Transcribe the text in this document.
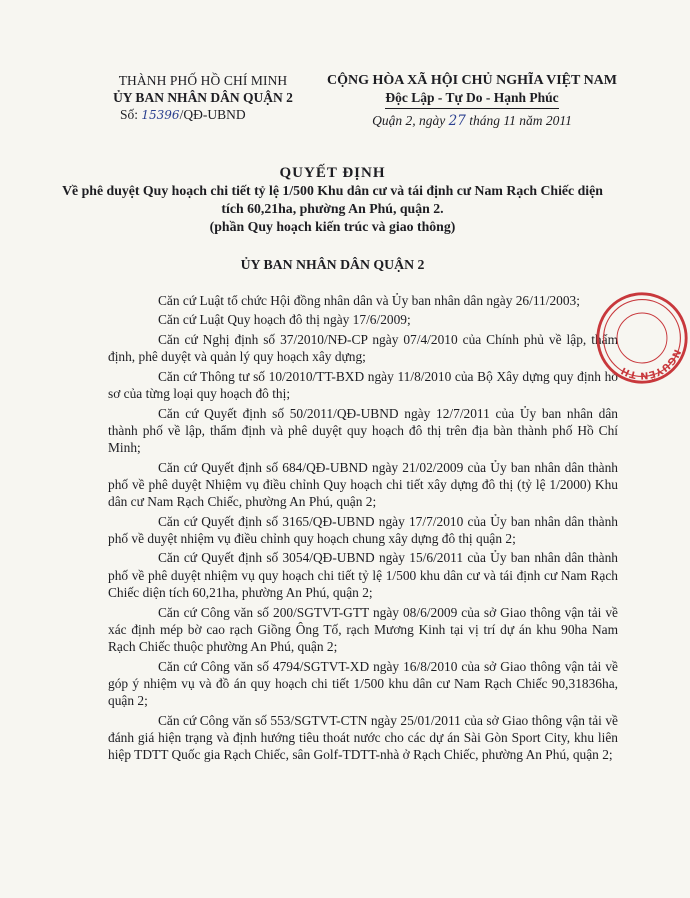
THÀNH PHỐ HỒ CHÍ MINH
ỦY BAN NHÂN DÂN QUẬN 2
Số: 15396/QĐ-UBND
CỘNG HÒA XÃ HỘI CHỦ NGHĨA VIỆT NAM
Độc Lập - Tự Do - Hạnh Phúc
Quận 2, ngày 27 tháng 11 năm 2011
QUYẾT ĐỊNH
Về phê duyệt Quy hoạch chi tiết tỷ lệ 1/500 Khu dân cư và tái định cư Nam Rạch Chiếc diện tích 60,21ha, phường An Phú, quận 2.
(phần Quy hoạch kiến trúc và giao thông)
ỦY BAN NHÂN DÂN QUẬN 2

Căn cứ Luật tổ chức Hội đồng nhân dân và Ủy ban nhân dân ngày 26/11/2003;

Căn cứ Luật Quy hoạch đô thị ngày 17/6/2009;

Căn cứ Nghị định số 37/2010/NĐ-CP ngày 07/4/2010 của Chính phủ về lập, thẩm định, phê duyệt và quản lý quy hoạch xây dựng;

Căn cứ Thông tư số 10/2010/TT-BXD ngày 11/8/2010 của Bộ Xây dựng quy định hồ sơ của từng loại quy hoạch đô thị;

Căn cứ Quyết định số 50/2011/QĐ-UBND ngày 12/7/2011 của Ủy ban nhân dân thành phố về lập, thẩm định và phê duyệt quy hoạch đô thị trên địa bàn thành phố Hồ Chí Minh;

Căn cứ Quyết định số 684/QĐ-UBND ngày 21/02/2009 của Ủy ban nhân dân thành phố về phê duyệt Nhiệm vụ điều chỉnh Quy hoạch chi tiết xây dựng đô thị (tỷ lệ 1/2000) Khu dân cư Nam Rạch Chiếc, phường An Phú, quận 2;

Căn cứ Quyết định số 3165/QĐ-UBND ngày 17/7/2010 của Ủy ban nhân dân thành phố về duyệt nhiệm vụ điều chỉnh quy hoạch chung xây dựng đô thị quận 2;

Căn cứ Quyết định số 3054/QĐ-UBND ngày 15/6/2011 của Ủy ban nhân dân thành phố về phê duyệt nhiệm vụ quy hoạch chi tiết tỷ lệ 1/500 khu dân cư và tái định cư Nam Rạch Chiếc diện tích 60,21ha, phường An Phú, quận 2;

Căn cứ Công văn số 200/SGTVT-GTT ngày 08/6/2009 của sở Giao thông vận tải về xác định mép bờ cao rạch Giồng Ông Tố, rạch Mương Kinh tại vị trí dự án khu 90ha Nam Rạch Chiếc thuộc phường An Phú, quận 2;

Căn cứ Công văn số 4794/SGTVT-XD ngày 16/8/2010 của sở Giao thông vận tải về góp ý nhiệm vụ và đồ án quy hoạch chi tiết 1/500 khu dân cư Nam Rạch Chiếc 90,31836ha, quận 2;

Căn cứ Công văn số 553/SGTVT-CTN ngày 25/01/2011 của sở Giao thông vận tải về đánh giá hiện trạng và định hướng tiêu thoát nước cho các dự án Sài Gòn Sport City, khu liên hiệp TDTT Quốc gia Rạch Chiếc, sân Golf-TDTT-nhà ở Rạch Chiếc, phường An Phú, quận 2;

NGUYỄN TH
